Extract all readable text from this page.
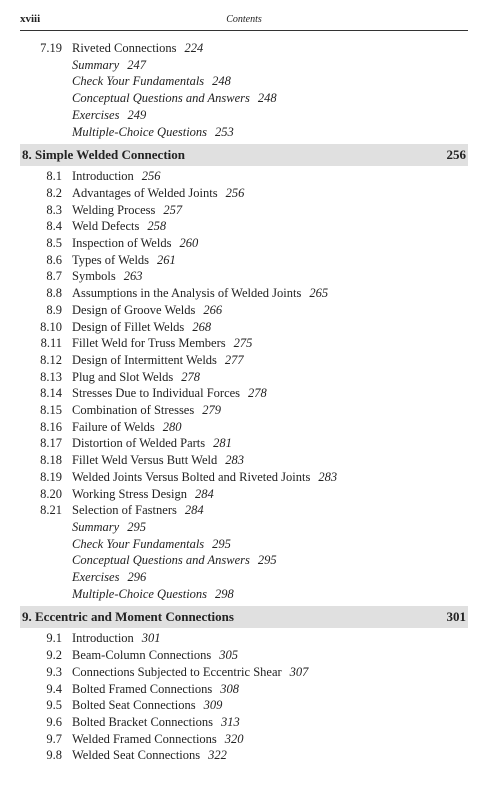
xviii	Contents
7.19 Riveted Connections 224
Summary 247
Check Your Fundamentals 248
Conceptual Questions and Answers 248
Exercises 249
Multiple-Choice Questions 253
8. Simple Welded Connection	256
8.1 Introduction 256
8.2 Advantages of Welded Joints 256
8.3 Welding Process 257
8.4 Weld Defects 258
8.5 Inspection of Welds 260
8.6 Types of Welds 261
8.7 Symbols 263
8.8 Assumptions in the Analysis of Welded Joints 265
8.9 Design of Groove Welds 266
8.10 Design of Fillet Welds 268
8.11 Fillet Weld for Truss Members 275
8.12 Design of Intermittent Welds 277
8.13 Plug and Slot Welds 278
8.14 Stresses Due to Individual Forces 278
8.15 Combination of Stresses 279
8.16 Failure of Welds 280
8.17 Distortion of Welded Parts 281
8.18 Fillet Weld Versus Butt Weld 283
8.19 Welded Joints Versus Bolted and Riveted Joints 283
8.20 Working Stress Design 284
8.21 Selection of Fastners 284
Summary 295
Check Your Fundamentals 295
Conceptual Questions and Answers 295
Exercises 296
Multiple-Choice Questions 298
9. Eccentric and Moment Connections	301
9.1 Introduction 301
9.2 Beam-Column Connections 305
9.3 Connections Subjected to Eccentric Shear 307
9.4 Bolted Framed Connections 308
9.5 Bolted Seat Connections 309
9.6 Bolted Bracket Connections 313
9.7 Welded Framed Connections 320
9.8 Welded Seat Connections 322
